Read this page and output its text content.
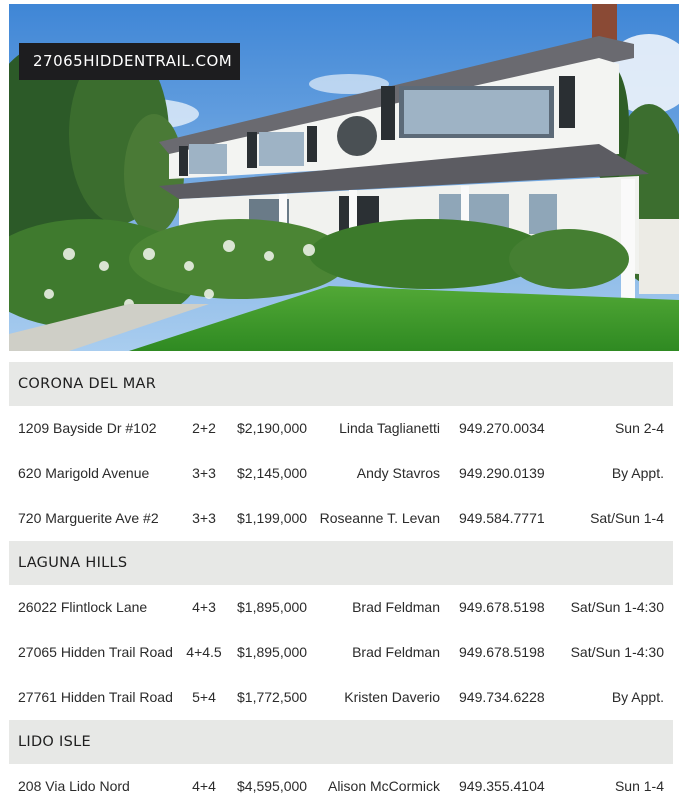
27065HIDDENTRAIL.COM
CORONA DEL MAR
1209 Bayside Dr #102	2+2	$2,190,000 Linda Taglianetti 949.270.0034	Sun 2-4
620 Marigold Avenue	3+3	$2,145,000	Andy Stavros 949.290.0139	By Appt.
720 Marguerite Ave #2	3+3	$1,199,000 Roseanne T. Levan 949.584.7771	Sat/Sun 1-4
LAGUNA HILLS
26022 Flintlock Lane	4+3	$1,895,000	Brad Feldman 949.678.5198 Sat/Sun 1-4:30
27065 Hidden Trail Road 4+4.5	$1,895,000	Brad Feldman 949.678.5198 Sat/Sun 1-4:30
27761 Hidden Trail Road	5+4	$1,772,500	Kristen Daverio 949.734.6228	By Appt.
LIDO ISLE
208 Via Lido Nord	4+4	$4,595,000 Alison McCormick 949.355.4104	Sun 1-4
